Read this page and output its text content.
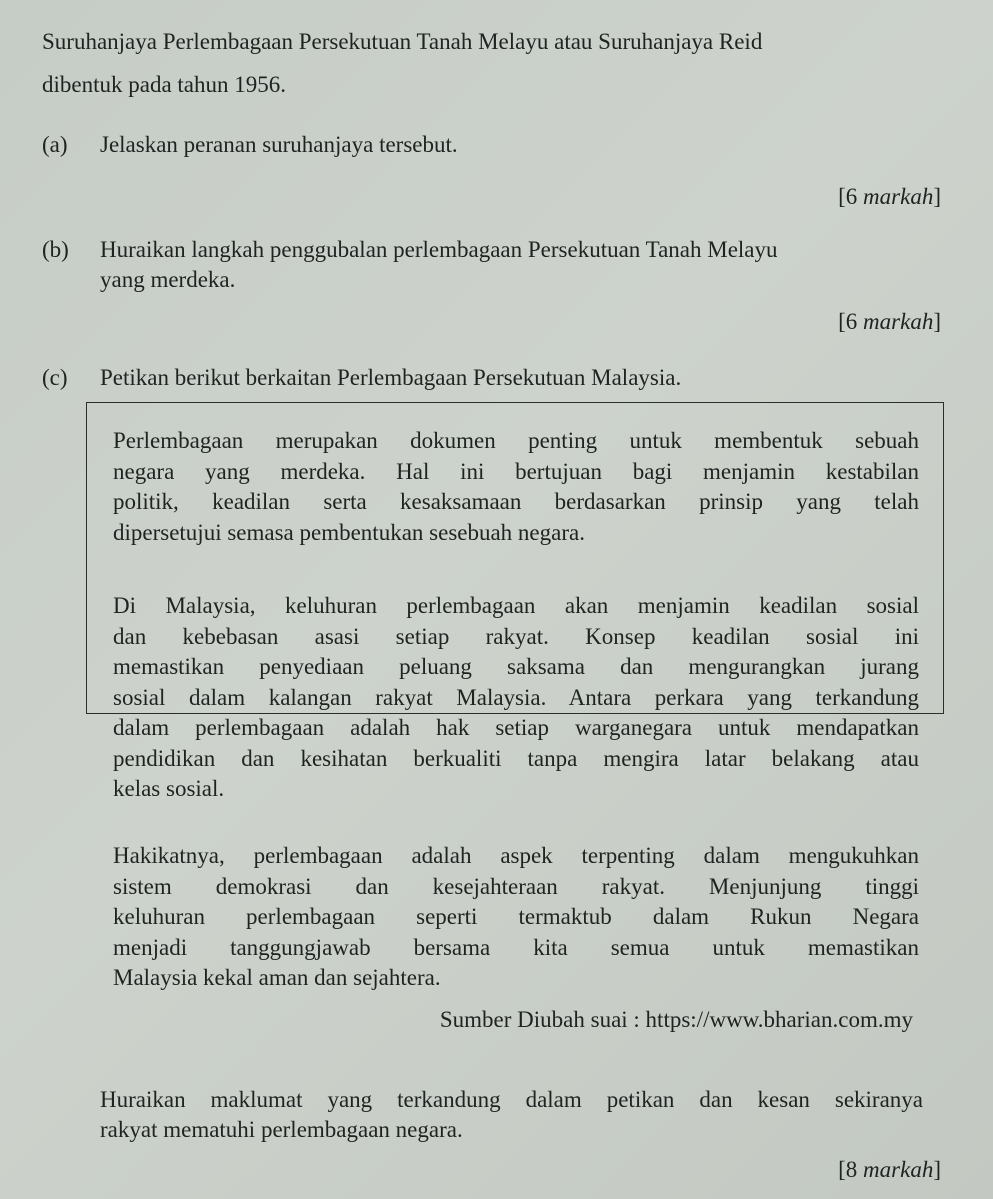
Suruhanjaya Perlembagaan Persekutuan Tanah Melayu atau Suruhanjaya Reid
dibentuk pada tahun 1956.
(a) Jelaskan peranan suruhanjaya tersebut.
[6 markah]
(b) Huraikan langkah penggubalan perlembagaan Persekutuan Tanah Melayu
yang merdeka.
[6 markah]
(c) Petikan berikut berkaitan Perlembagaan Persekutuan Malaysia.
Perlembagaan merupakan dokumen penting untuk membentuk sebuah
negara yang merdeka. Hal ini bertujuan bagi menjamin kestabilan
politik, keadilan serta kesaksamaan berdasarkan prinsip yang telah
dipersetujui semasa pembentukan sesebuah negara.
Di Malaysia, keluhuran perlembagaan akan menjamin keadilan sosial
dan kebebasan asasi setiap rakyat. Konsep keadilan sosial ini
memastikan penyediaan peluang saksama dan mengurangkan jurang
sosial dalam kalangan rakyat Malaysia. Antara perkara yang terkandung
dalam perlembagaan adalah hak setiap warganegara untuk mendapatkan
pendidikan dan kesihatan berkualiti tanpa mengira latar belakang atau
kelas sosial.
Hakikatnya, perlembagaan adalah aspek terpenting dalam mengukuhkan
sistem demokrasi dan kesejahteraan rakyat. Menjunjung tinggi
keluhuran perlembagaan seperti termaktub dalam Rukun Negara
menjadi tanggungjawab bersama kita semua untuk memastikan
Malaysia kekal aman dan sejahtera.
Sumber Diubah suai : https://www.bharian.com.my
Huraikan maklumat yang terkandung dalam petikan dan kesan sekiranya
rakyat mematuhi perlembagaan negara.
[8 markah]
